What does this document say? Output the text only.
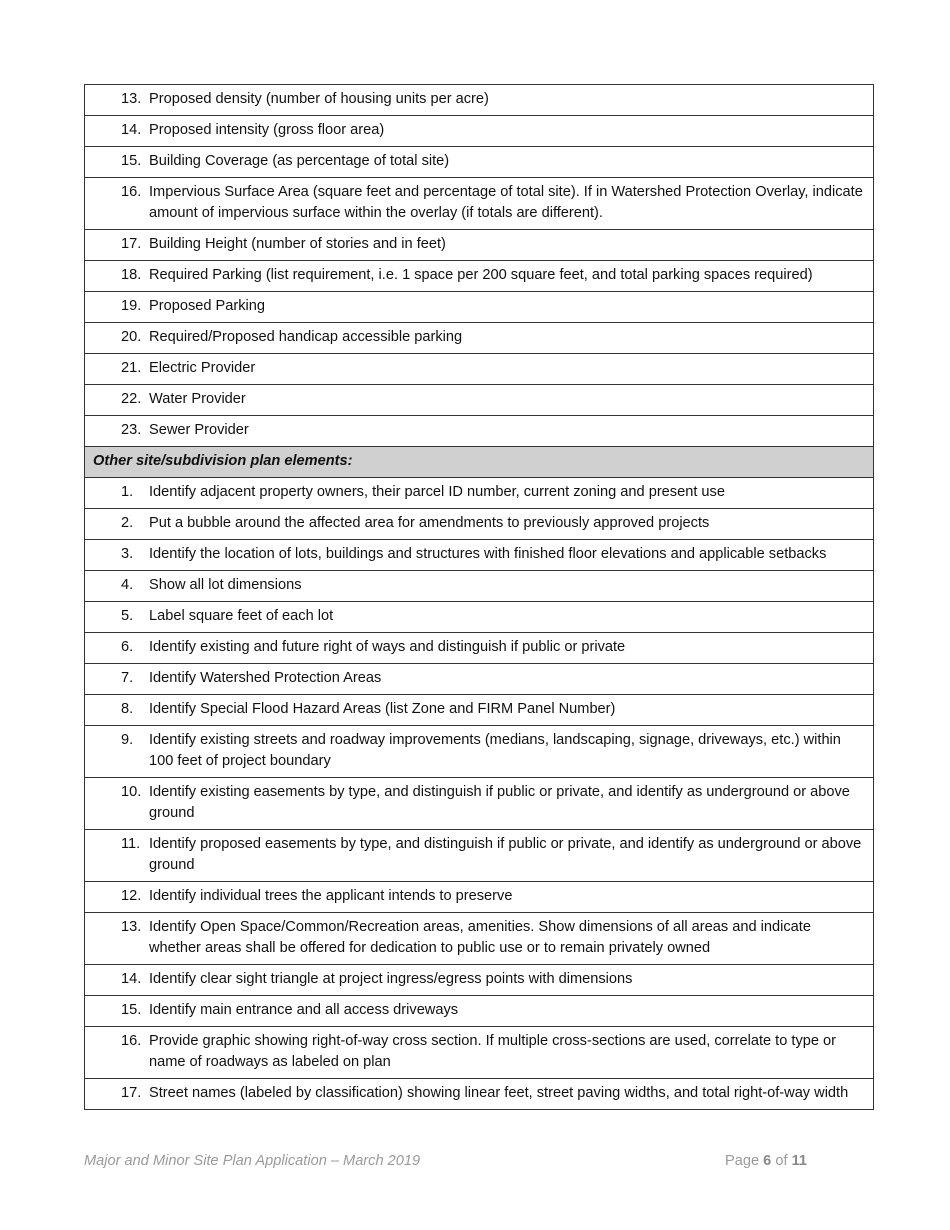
13. Proposed density (number of housing units per acre)

14. Proposed intensity (gross floor area)

15. Building Coverage (as percentage of total site)

16. Impervious Surface Area (square feet and percentage of total site). If in Watershed Protection Overlay, indicate amount of impervious surface within the overlay (if totals are different).

17. Building Height (number of stories and in feet)

18. Required Parking (list requirement, i.e. 1 space per 200 square feet, and total parking spaces required)

19. Proposed Parking

20. Required/Proposed handicap accessible parking

21. Electric Provider

22. Water Provider

23. Sewer Provider

Other site/subdivision plan elements:

1.	Identify adjacent property owners, their parcel ID number, current zoning and present use

2.	Put a bubble around the affected area for amendments to previously approved projects

3.	Identify the location of lots, buildings and structures with finished floor elevations and applicable setbacks

4.	Show all lot dimensions

5.	Label square feet of each lot

6.	Identify existing and future right of ways and distinguish if public or private

7.	Identify Watershed Protection Areas

8.	Identify Special Flood Hazard Areas (list Zone and FIRM Panel Number)

9.	Identify existing streets and roadway improvements (medians, landscaping, signage, driveways, etc.) within 100 feet of project boundary

10. Identify existing easements by type, and distinguish if public or private, and identify as underground or above ground

11. Identify proposed easements by type, and distinguish if public or private, and identify as underground or above ground

12. Identify individual trees the applicant intends to preserve

13. Identify Open Space/Common/Recreation areas, amenities. Show dimensions of all areas and indicate whether areas shall be offered for dedication to public use or to remain privately owned

14. Identify clear sight triangle at project ingress/egress points with dimensions

15. Identify main entrance and all access driveways

16. Provide graphic showing right-of-way cross section. If multiple cross-sections are used, correlate to type or name of roadways as labeled on plan

17. Street names (labeled by classification) showing linear feet, street paving widths, and total right-of-way width
Major and Minor Site Plan Application – March 2019	Page 6 of 11
